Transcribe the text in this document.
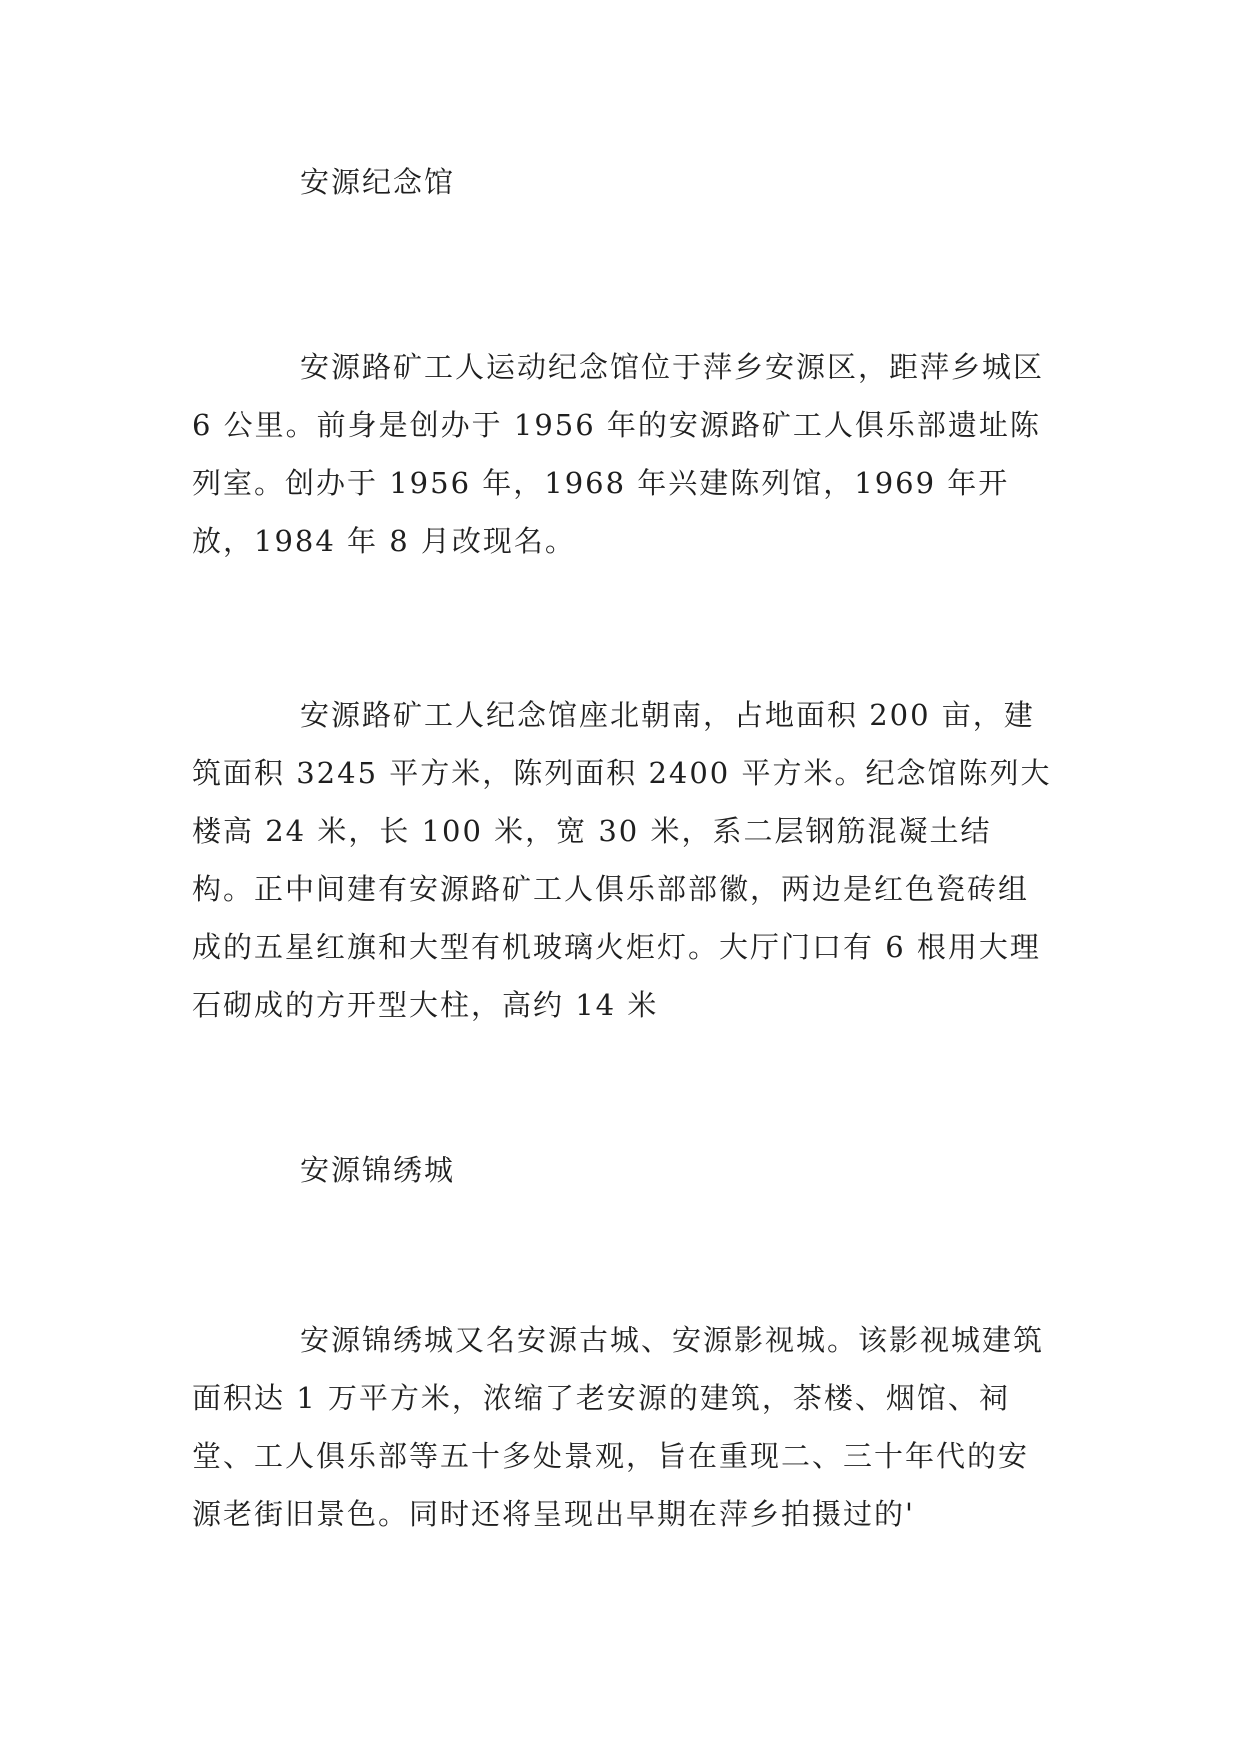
安源纪念馆

安源路矿工人运动纪念馆位于萍乡安源区，距萍乡城区 6 公里。前身是创办于 1956 年的安源路矿工人俱乐部遗址陈列室。创办于 1956 年，1968 年兴建陈列馆，1969 年开放，1984 年 8 月改现名。

安源路矿工人纪念馆座北朝南，占地面积 200 亩，建筑面积 3245 平方米，陈列面积 2400 平方米。纪念馆陈列大楼高 24 米，长 100 米，宽 30 米，系二层钢筋混凝土结构。正中间建有安源路矿工人俱乐部部徽，两边是红色瓷砖组成的五星红旗和大型有机玻璃火炬灯。大厅门口有 6 根用大理石砌成的方开型大柱，高约 14 米

安源锦绣城

安源锦绣城又名安源古城、安源影视城。该影视城建筑面积达 1 万平方米，浓缩了老安源的建筑，茶楼、烟馆、祠堂、工人俱乐部等五十多处景观，旨在重现二、三十年代的安源老街旧景色。同时还将呈现出早期在萍乡拍摄过的'
